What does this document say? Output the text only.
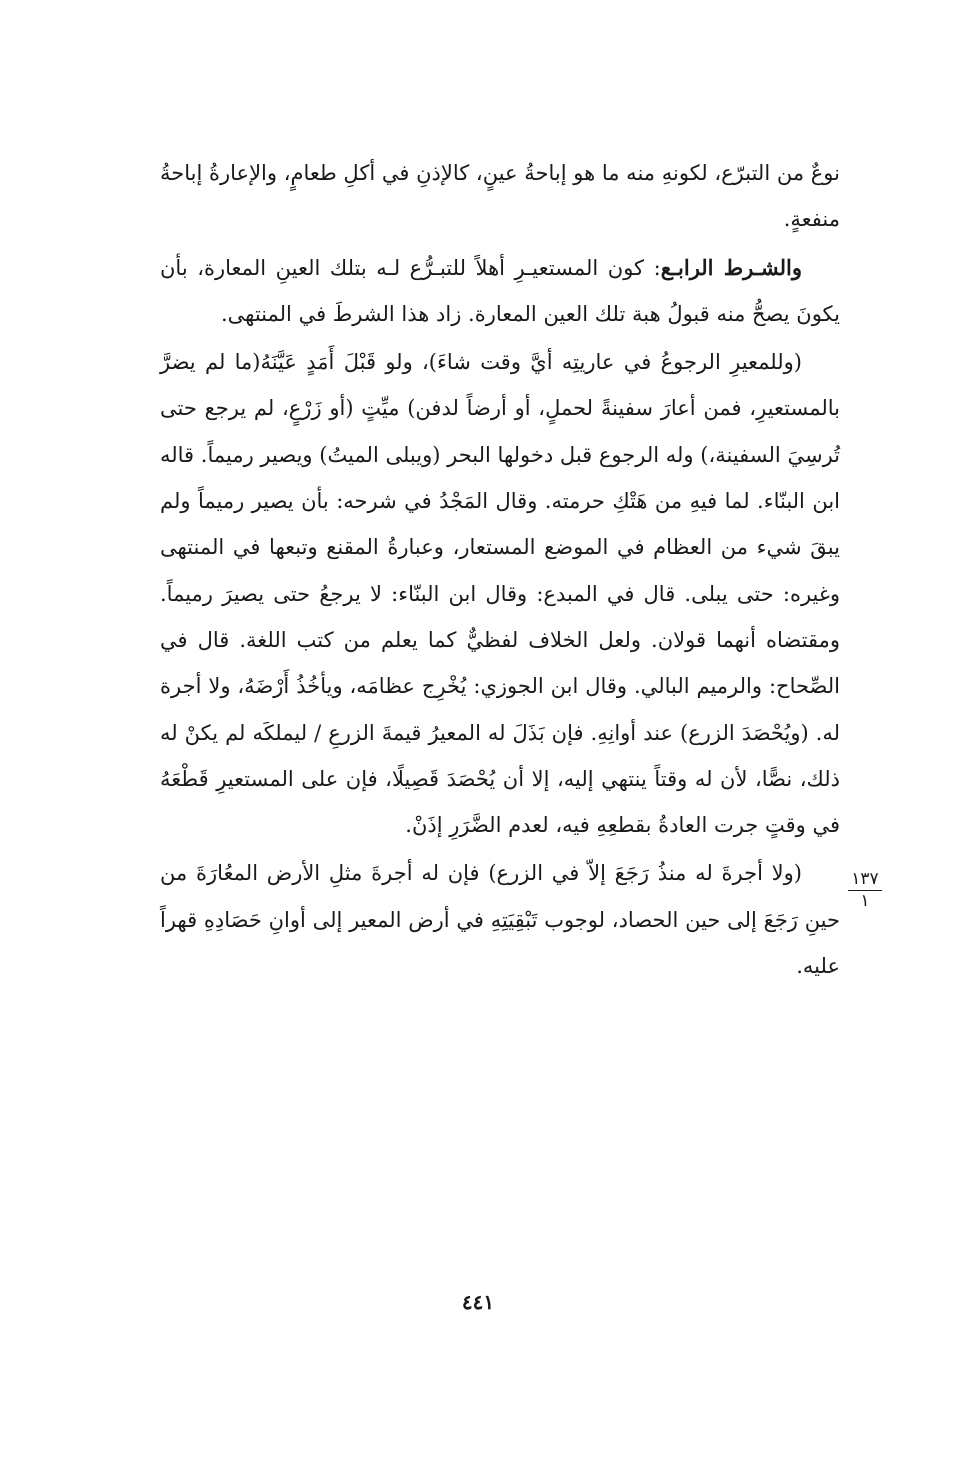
نوعٌ من التبرّع، لكونهِ منه ما هو إباحةُ عينٍ، كالإذنِ في أكلِ طعامٍ، والإعارةُ إباحةُ منفعةٍ.

والشـرط الرابـع: كون المستعيـرِ أهلاً للتبـرُّع لـه بتلك العينِ المعارة، بأن يكونَ يصحُّ منه قبولُ هبة تلك العين المعارة. زاد هذا الشرطَ في المنتهى.

(وللمعيرِ الرجوعُ في عاريتِه أيَّ وقت شاءَ)، ولو قَبْلَ أَمَدٍ عَيَّنَهُ(ما لم يضرَّ بالمستعيرِ، فمن أعارَ سفينةً لحملٍ، أو أرضاً لدفن) ميِّتٍ (أو زَرْعٍ، لم يرجع حتى تُرسِيَ السفينة،) وله الرجوع قبل دخولها البحر (ويبلى الميتُ) ويصير رميماً. قاله ابن البنّاء. لما فيهِ من هَتْكِ حرمته. وقال المَجْدُ في شرحه: بأن يصير رميماً ولم يبقَ شيء من العظام في الموضع المستعار، وعبارةُ المقنع وتبعها في المنتهى وغيره: حتى يبلى. قال في المبدع: وقال ابن البنّاء: لا يرجعُ حتى يصيرَ رميماً. ومقتضاه أنهما قولان. ولعل الخلاف لفظيٌّ كما يعلم من كتب اللغة. قال في الصِّحاح: والرميم البالي. وقال ابن الجوزي: يُخْرِج عظامَه، ويأخُذُ أَرْضَهُ، ولا أجرة له. (ويُحْصَدَ الزرع) عند أوانِهِ. فإن بَذَلَ له المعيرُ قيمةَ الزرعِ / ليملكَه لم يكنْ له ذلك، نصًّا، لأن له وقتاً ينتهي إليه، إلا أن يُحْصَدَ قَصِيلًا، فإن على المستعيرِ قَطْعَهُ في وقتٍ جرت العادةُ بقطعِهِ فيه، لعدم الضَّرَرِ إذَنْ.

(ولا أجرةَ له منذُ رَجَعَ إلاّ في الزرع) فإن له أجرةَ مثلِ الأرض المعُارَةَ من حينِ رَجَعَ إلى حين الحصاد، لوجوب تَبْقِيَتِهِ في أرض المعير إلى أوانِ حَصَادِهِ قهراً عليه.

١٣٧
١
٤٤١
